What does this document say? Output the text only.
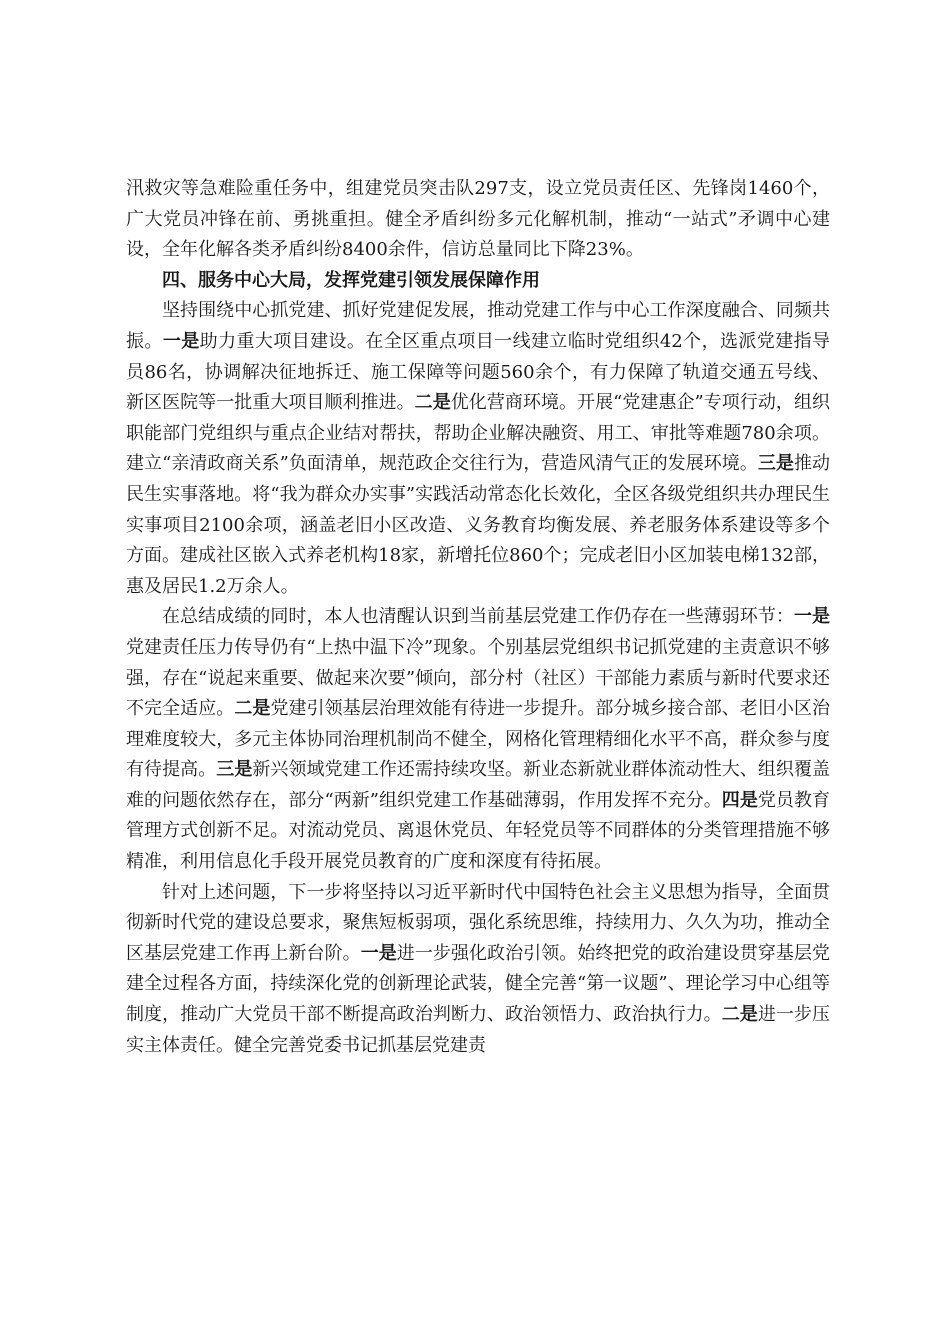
汛救灾等急难险重任务中，组建党员突击队297支，设立党员责任区、先锋岗1460个，广大党员冲锋在前、勇挑重担。健全矛盾纠纷多元化解机制，推动“一站式”矛调中心建设，全年化解各类矛盾纠纷8400余件，信访总量同比下降23%。

四、服务中心大局，发挥党建引领发展保障作用

坚持围绕中心抓党建、抓好党建促发展，推动党建工作与中心工作深度融合、同频共振。一是助力重大项目建设。在全区重点项目一线建立临时党组织42个，选派党建指导员86名，协调解决征地拆迁、施工保障等问题560余个，有力保障了轨道交通五号线、新区医院等一批重大项目顺利推进。二是优化营商环境。开展“党建惠企”专项行动，组织职能部门党组织与重点企业结对帮扶，帮助企业解决融资、用工、审批等难题780余项。建立“亲清政商关系”负面清单，规范政企交往行为，营造风清气正的发展环境。三是推动民生实事落地。将“我为群众办实事”实践活动常态化长效化，全区各级党组织共办理民生实事项目2100余项，涵盖老旧小区改造、义务教育均衡发展、养老服务体系建设等多个方面。建成社区嵌入式养老机构18家，新增托位860个；完成老旧小区加装电梯132部，惠及居民1.2万余人。

在总结成绩的同时，本人也清醒认识到当前基层党建工作仍存在一些薄弱环节：一是党建责任压力传导仍有“上热中温下冷”现象。个别基层党组织书记抓党建的主责意识不够强，存在“说起来重要、做起来次要”倾向，部分村（社区）干部能力素质与新时代要求还不完全适应。二是党建引领基层治理效能有待进一步提升。部分城乡接合部、老旧小区治理难度较大，多元主体协同治理机制尚不健全，网格化管理精细化水平不高，群众参与度有待提高。三是新兴领域党建工作还需持续攻坚。新业态新就业群体流动性大、组织覆盖难的问题依然存在，部分“两新”组织党建工作基础薄弱，作用发挥不充分。四是党员教育管理方式创新不足。对流动党员、离退休党员、年轻党员等不同群体的分类管理措施不够精准，利用信息化手段开展党员教育的广度和深度有待拓展。

针对上述问题，下一步将坚持以习近平新时代中国特色社会主义思想为指导，全面贯彻新时代党的建设总要求，聚焦短板弱项，强化系统思维，持续用力、久久为功，推动全区基层党建工作再上新台阶。一是进一步强化政治引领。始终把党的政治建设贯穿基层党建全过程各方面，持续深化党的创新理论武装，健全完善“第一议题”、理论学习中心组等制度，推动广大党员干部不断提高政治判断力、政治领悟力、政治执行力。二是进一步压实主体责任。健全完善党委书记抓基层党建责
